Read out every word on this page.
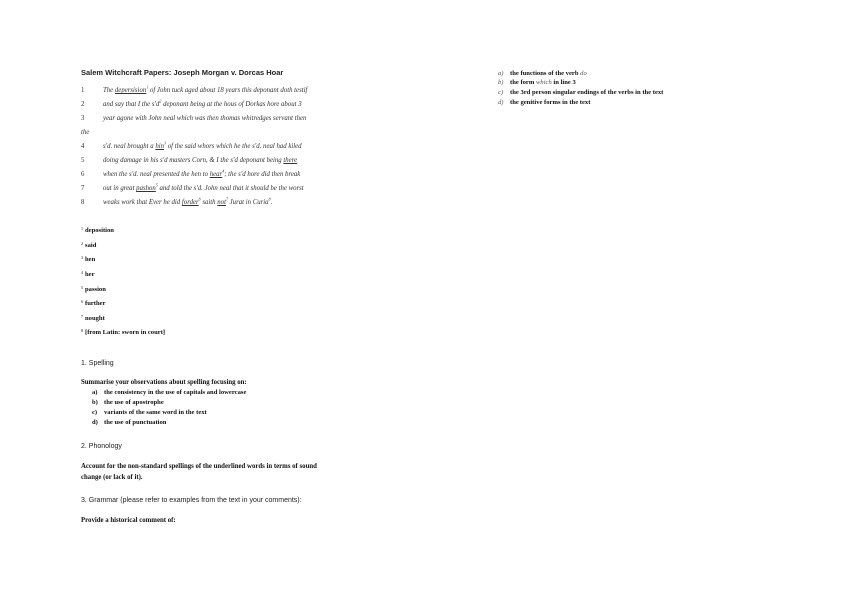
Salem Witchcraft Papers: Joseph Morgan v. Dorcas Hoar
1	The depersision$^1$ of John tuck aged about 18 years this deponant doth testif
2	and say that I the $s'd^2$ deponant being at the hous of Dorkas hore about 3
3	year agone with John neal which was then thomas whitredges servant then
the
4	s'd. neal brought a hin$^3$ of the said whors which he the s'd. neal had kiled
5	doing damage in his s'd masters Corn, & I the s'd deponant being there
6	when the s'd. neal presented the hen to hear$^4$; the s'd hore did then break
7	out in great pashon$^5$ and told the s'd. John neal that it should be the worst
8	weaks work that Ever he did forder$^6$ saith not$^7$ Jurat in Curia$^8$.
$^1$ deposition
$^2$ said
$^3$ hen
$^4$ her
$^5$ passion
$^6$ further
$^7$ nought
$^8$ [from Latin: sworn in court]
1. Spelling
Summarise your observations about spelling focusing on:
a) the consistency in the use of capitals and lowercase
b) the use of apostrophe
c) variants of the same word in the text
d) the use of punctuation
2. Phonology
Account for the non-standard spellings of the underlined words in terms of sound
change (or lack of it).
3. Grammar (please refer to examples from the text in your comments):
Provide a historical comment of:
a) the functions of the verb do
b) the form which in line 3
c) the 3rd person singular endings of the verbs in the text
d) the genitive forms in the text
